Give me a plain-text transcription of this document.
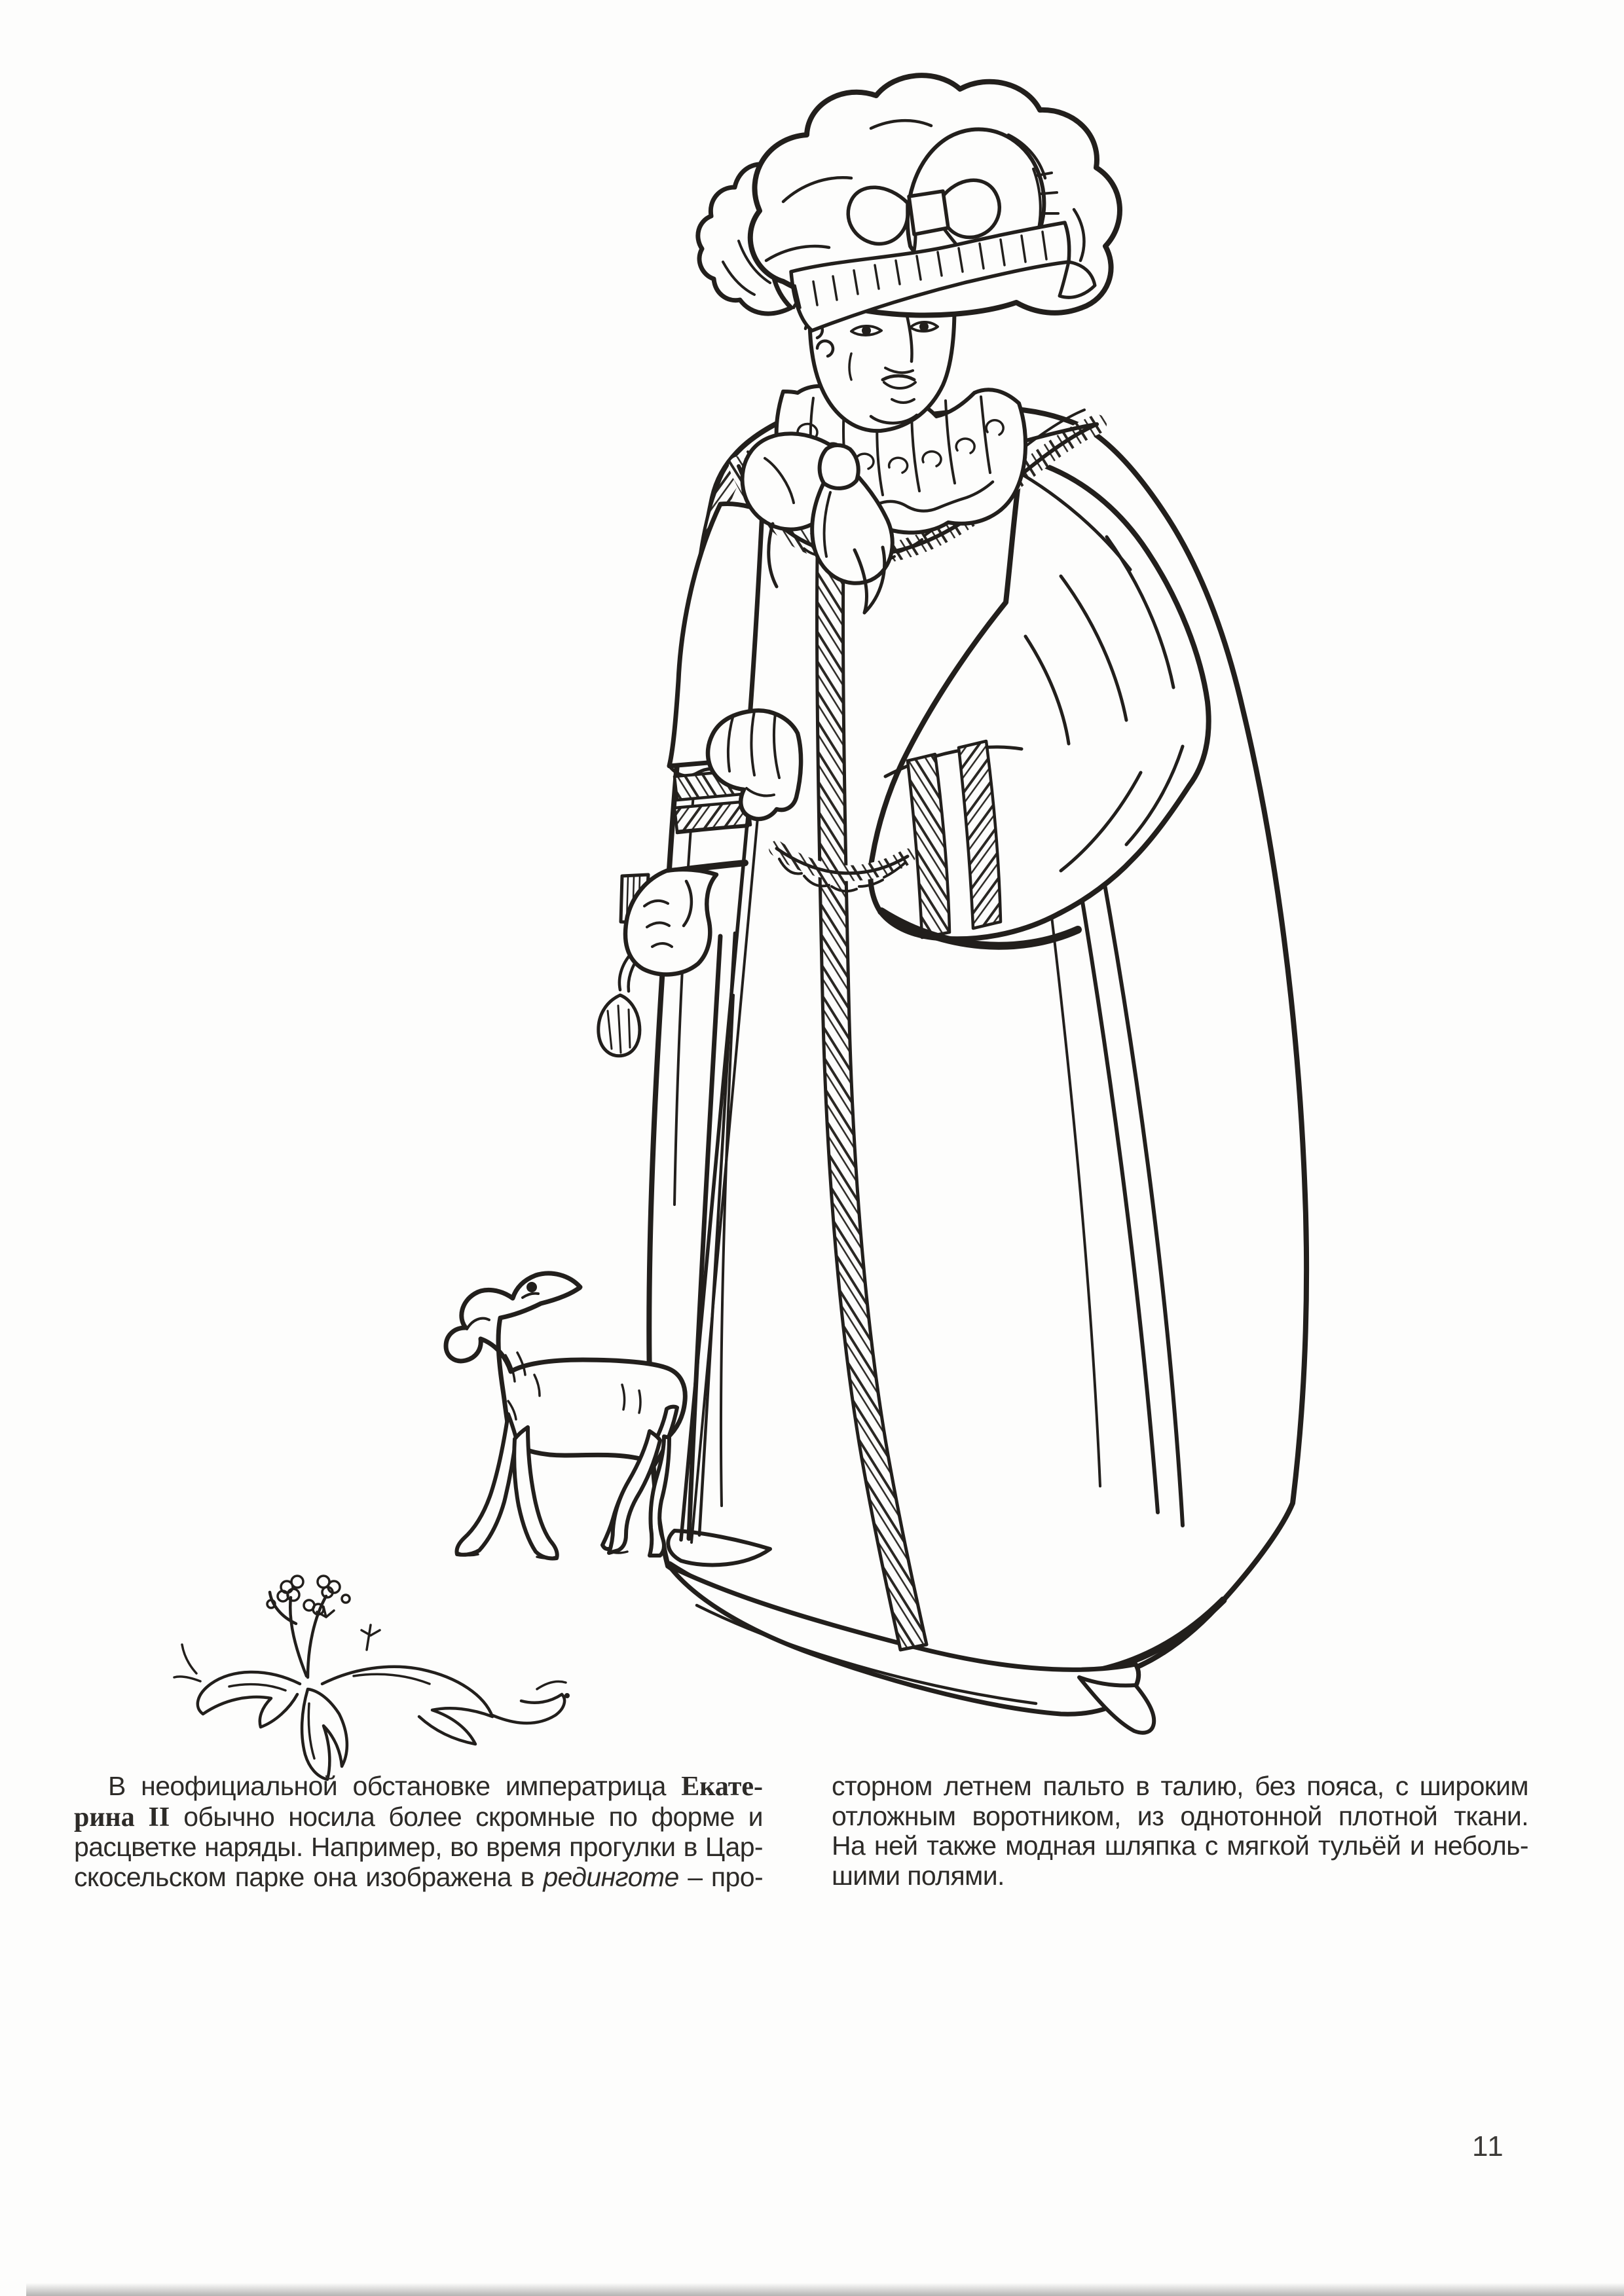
В неофициальной обстановке императрица Екате-

рина II обычно носила более скромные по форме и

расцветке наряды. Например, во время прогулки в Цар-

скосельском парке она изображена в рединготе – про-

сторном летнем пальто в талию, без пояса, с широким

отложным воротником, из однотонной плотной ткани.

На ней также модная шляпка с мягкой тульёй и неболь-

шими полями.

11
